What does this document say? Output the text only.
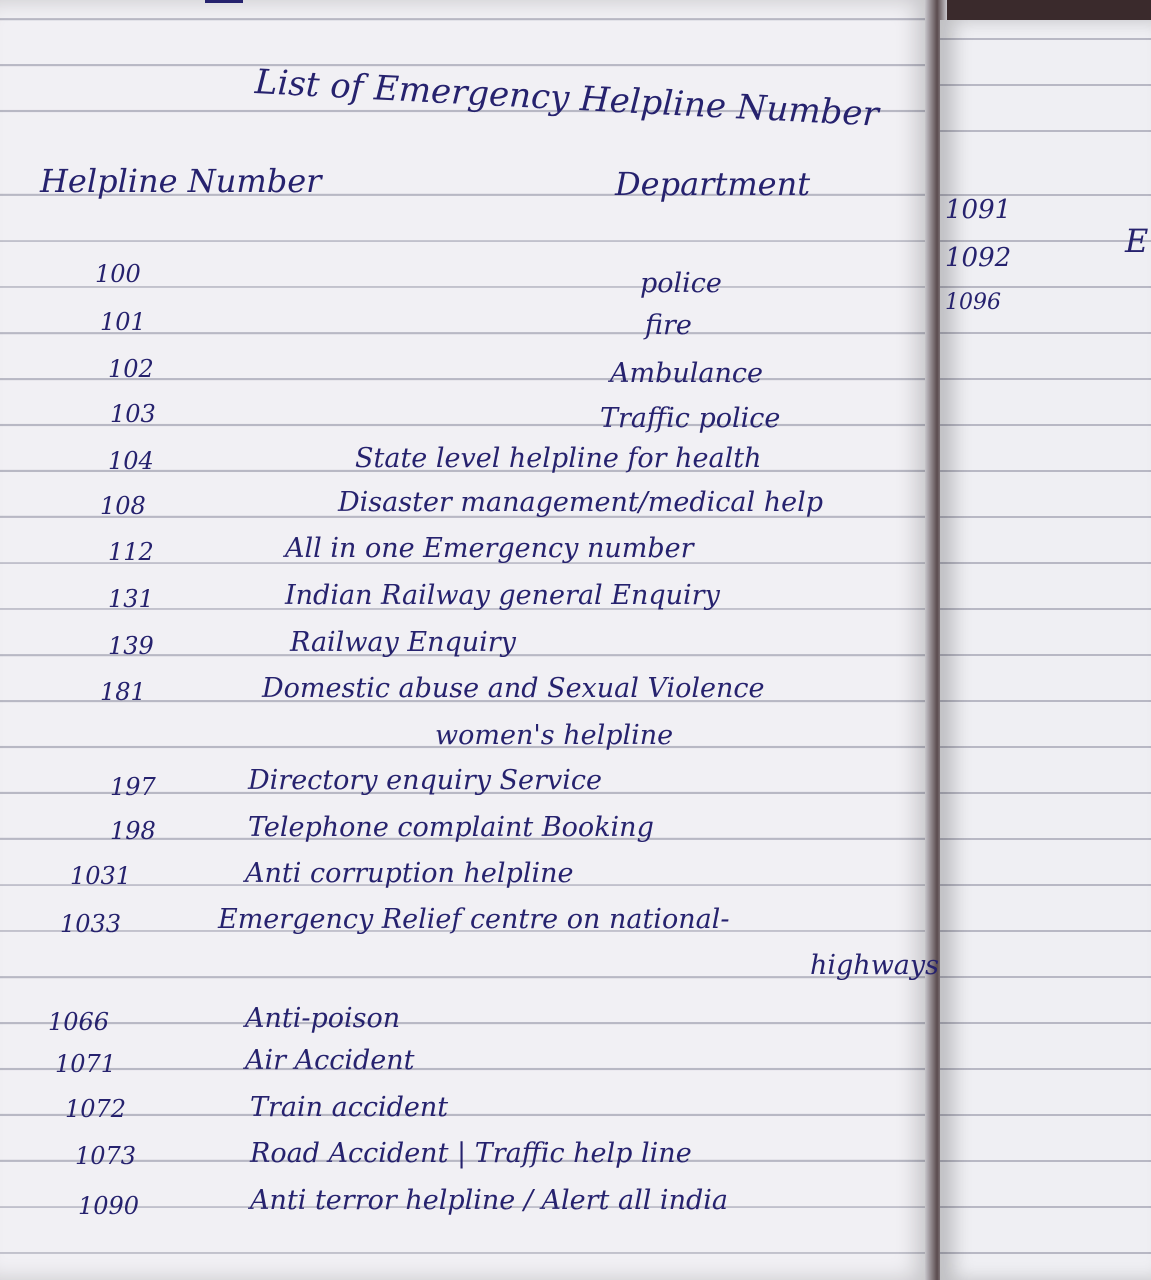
List of Emergency Helpline Number
Helpline Number	Department
100	police
101	fire
102	Ambulance
103	Traffic police
104	State level helpline for health
108	Disaster management/medical help
112	All in one Emergency number
131	Indian Railway general Enquiry
139	Railway Enquiry
181	Domestic abuse and Sexual Violence
women's helpline
197	Directory enquiry Service
198	Telephone complaint Booking
1031	Anti corruption helpline
1033	Emergency Relief centre on national-
highways
1066	Anti-poison
1071	Air Accident
1072	Train accident
1073	Road Accident | Traffic help line
1090	Anti terror helpline / Alert all india
1091
1092
1096
E
